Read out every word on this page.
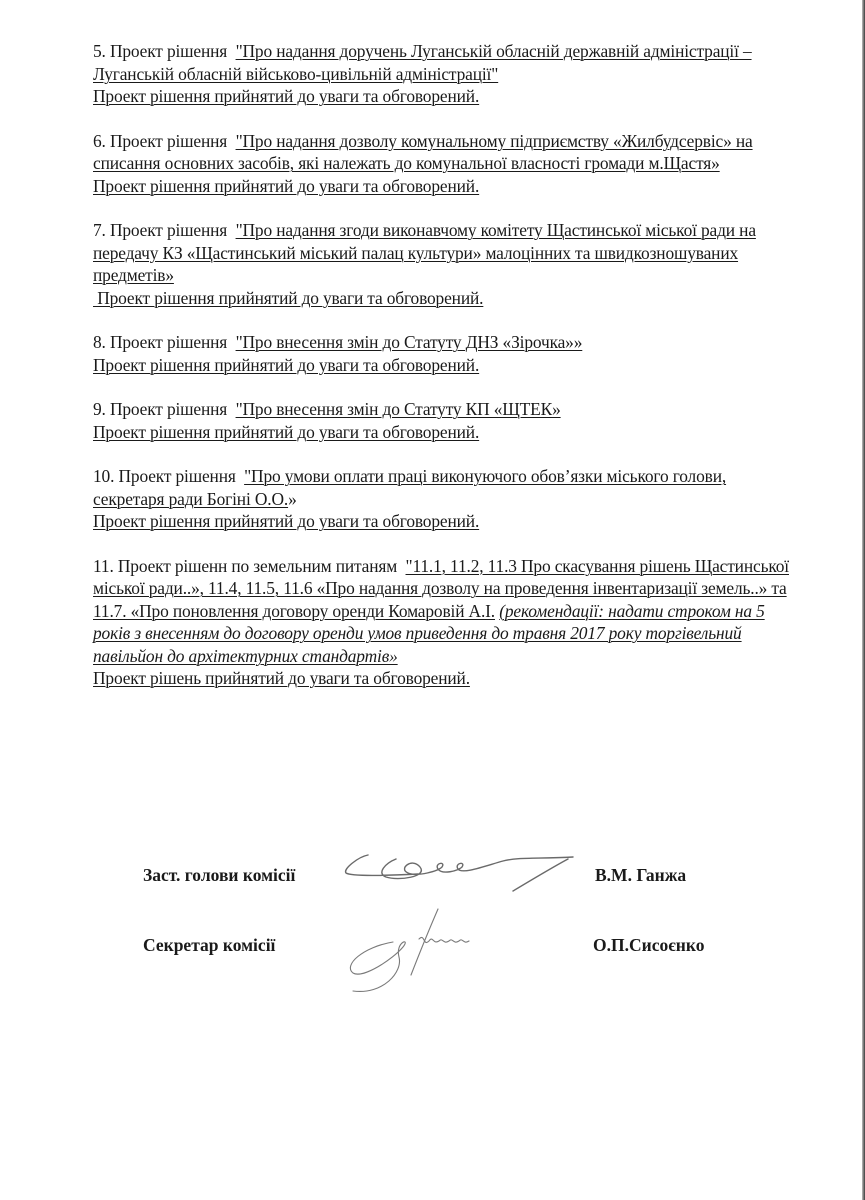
5. Проект рішення "Про надання доручень Луганській обласній державній адміністрації – Луганській обласній військово-цивільній адміністрації"

Проект рішення прийнятий до уваги та обговорений.

6. Проект рішення "Про надання дозволу комунальному підприємству «Жилбудсервіс» на списання основних засобів, які належать до комунальної власності громади м.Щастя»

Проект рішення прийнятий до уваги та обговорений.

7. Проект рішення "Про надання згоди виконавчому комітету Щастинської міської ради на передачу КЗ «Щастинський міський палац культури» малоцінних та швидкозношуваних предметів»

Проект рішення прийнятий до уваги та обговорений.

8. Проект рішення "Про внесення змін до Статуту ДНЗ «Зірочка»»

Проект рішення прийнятий до уваги та обговорений.

9. Проект рішення "Про внесення змін до Статуту КП «ЩТЕК»

Проект рішення прийнятий до уваги та обговорений.

10. Проект рішення "Про умови оплати праці виконуючого обов’язки міського голови, секретаря ради Богіні О.О.»

Проект рішення прийнятий до уваги та обговорений.

11. Проект рішенн по земельним питаням "11.1, 11.2, 11.3 Про скасування рішень Щастинської міської ради..», 11.4, 11.5, 11.6 «Про надання дозволу на проведення інвентаризації земель..» та 11.7. «Про поновлення договору оренди Комаровій А.І. (рекомендації: надати строком на 5 років з внесенням до договору оренди умов приведення до травня 2017 року торгівельний павільйон до архітектурних стандартів»

Проект рішень прийнятий до уваги та обговорений.

Заст. голови комісії	В.М. Ганжа
Секретар комісії	О.П.Сисоєнко
